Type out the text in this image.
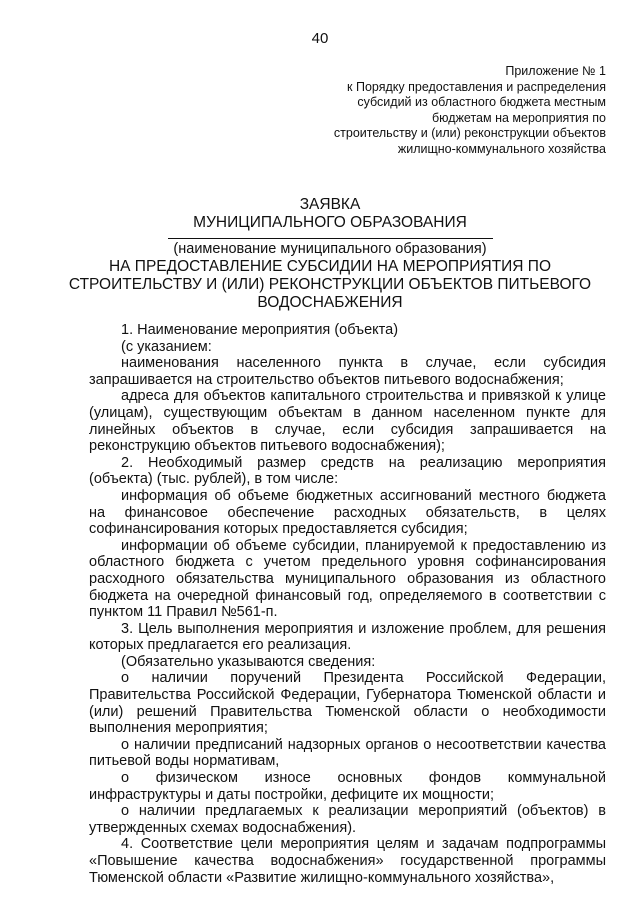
40
Приложение № 1
к Порядку предоставления и распределения
субсидий из областного бюджета местным
бюджетам на мероприятия по
строительству и (или) реконструкции объектов
жилищно-коммунального хозяйства
ЗАЯВКА
МУНИЦИПАЛЬНОГО ОБРАЗОВАНИЯ
(наименование муниципального образования)
НА ПРЕДОСТАВЛЕНИЕ СУБСИДИИ НА МЕРОПРИЯТИЯ ПО
СТРОИТЕЛЬСТВУ И (ИЛИ) РЕКОНСТРУКЦИИ ОБЪЕКТОВ ПИТЬЕВОГО
ВОДОСНАБЖЕНИЯ

1. Наименование мероприятия (объекта)

(с указанием:

наименования населенного пункта в случае, если субсидия запрашивается на строительство объектов питьевого водоснабжения;

адреса для объектов капитального строительства и привязкой к улице (улицам), существующим объектам в данном населенном пункте для линейных объектов в случае, если субсидия запрашивается на реконструкцию объектов питьевого водоснабжения);

2. Необходимый размер средств на реализацию мероприятия (объекта) (тыс. рублей), в том числе:

информация об объеме бюджетных ассигнований местного бюджета на финансовое обеспечение расходных обязательств, в целях софинансирования которых предоставляется субсидия;

информации об объеме субсидии, планируемой к предоставлению из областного бюджета с учетом предельного уровня софинансирования расходного обязательства муниципального образования из областного бюджета на очередной финансовый год, определяемого в соответствии с пунктом 11 Правил №561-п.

3. Цель выполнения мероприятия и изложение проблем, для решения которых предлагается его реализация.

(Обязательно указываются сведения:

о наличии поручений Президента Российской Федерации, Правительства Российской Федерации, Губернатора Тюменской области и (или) решений Правительства Тюменской области о необходимости выполнения мероприятия;

о наличии предписаний надзорных органов о несоответствии качества питьевой воды нормативам,

о физическом износе основных фондов коммунальной инфраструктуры и даты постройки, дефиците их мощности;

о наличии предлагаемых к реализации мероприятий (объектов) в утвержденных схемах водоснабжения).

4. Соответствие цели мероприятия целям и задачам подпрограммы «Повышение качества водоснабжения» государственной программы Тюменской области «Развитие жилищно-коммунального хозяйства»,
